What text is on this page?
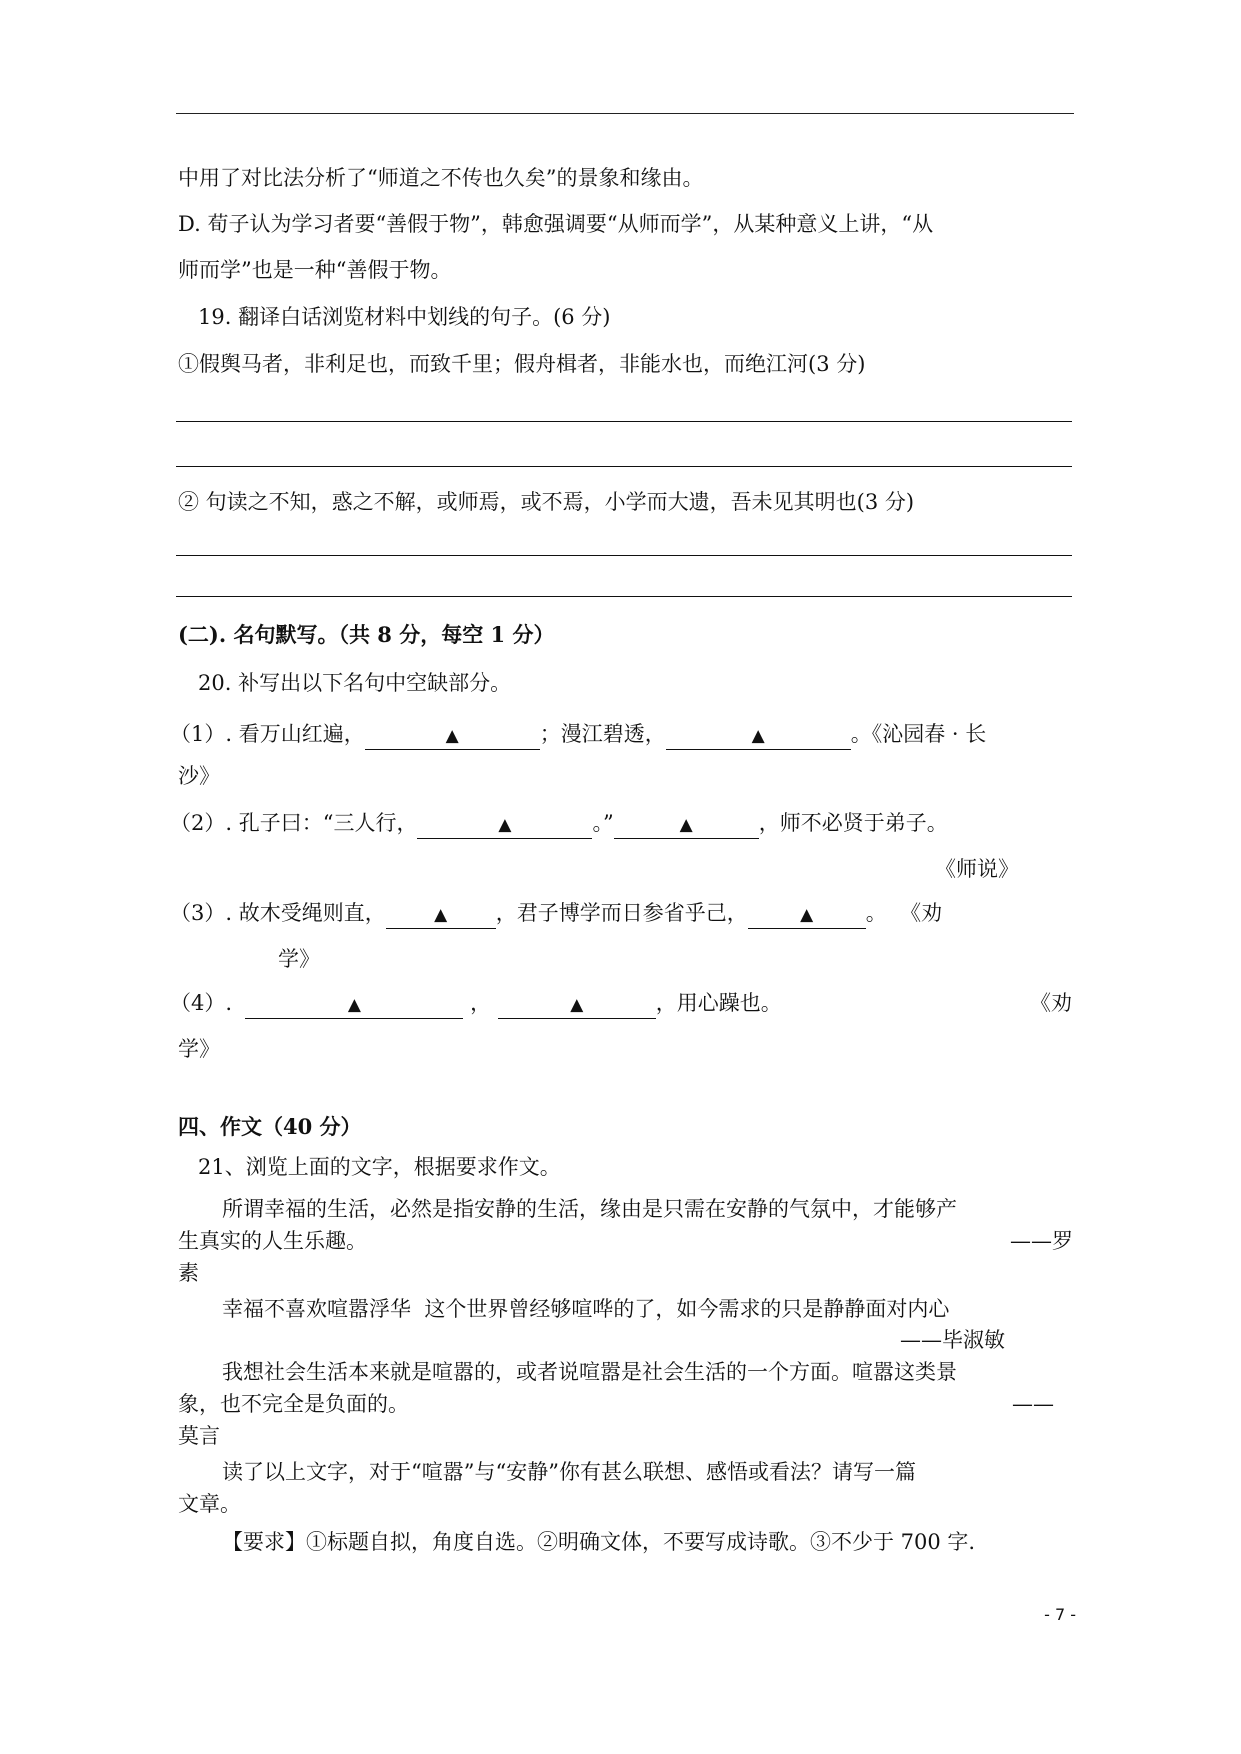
中用了对比法分析了“师道之不传也久矣”的景象和缘由。
D. 荀子认为学习者要“善假于物”，韩愈强调要“从师而学”，从某种意义上讲，“从
师而学”也是一种“善假于物。
19. 翻译白话浏览材料中划线的句子。(6 分)
①假舆马者，非利足也，而致千里；假舟楫者，非能水也，而绝江河(3 分)
② 句读之不知，惑之不解，或师焉，或不焉，小学而大遗，吾未见其明也(3 分)
(二). 名句默写。（共 8 分，每空 1 分）
20. 补写出以下名句中空缺部分。
（1）. 看万山红遍，	▲	；漫江碧透，	▲	。《沁园春 · 长
沙》
（2）. 孔子曰：“三人行，	▲	。”	▲	，师不必贤于弟子。
《师说》
（3）. 故木受绳则直，	▲ ，君子博学而日参省乎己，	▲ 。  《劝
学》
（4）.	▲	，	▲	，用心躁也。	《劝
学》
四、作文（40 分）
21、浏览上面的文字，根据要求作文。
所谓幸福的生活，必然是指安静的生活，缘由是只需在安静的气氛中，才能够产
生真实的人生乐趣。	——罗
素
幸福不喜欢喧嚣浮华  这个世界曾经够喧哗的了，如今需求的只是静静面对内心
——毕淑敏
我想社会生活本来就是喧嚣的，或者说喧嚣是社会生活的一个方面。喧嚣这类景
象，也不完全是负面的。	——
莫言
读了以上文字，对于“喧嚣”与“安静”你有甚么联想、感悟或看法？请写一篇
文章。
【要求】①标题自拟，角度自选。②明确文体，不要写成诗歌。③不少于 700 字.
- 7 -
